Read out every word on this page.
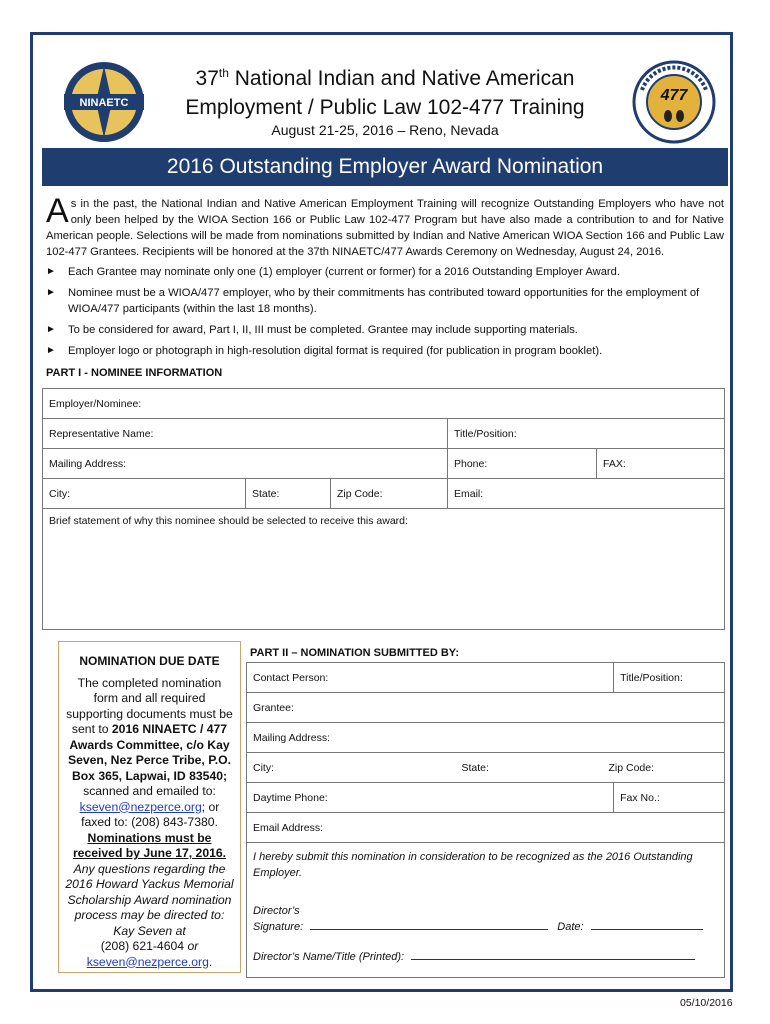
NINAETC	477
37th National Indian and Native American
Employment / Public Law 102-477 Training
August 21-25, 2016 – Reno, Nevada
2016 Outstanding Employer Award Nomination
As in the past, the National Indian and Native American Employment Training will recognize Outstanding Employers who have not only been helped by the WIOA Section 166 or Public Law 102-477 Program but have also made a contribution to and for Native American people. Selections will be made from nominations submitted by Indian and Native American WIOA Section 166 and Public Law 102-477 Grantees. Recipients will be honored at the 37th NINAETC/477 Awards Ceremony on Wednesday, August 24, 2016.
► Each Grantee may nominate only one (1) employer (current or former) for a 2016 Outstanding Employer Award.
► Nominee must be a WIOA/477 employer, who by their commitments has contributed toward opportunities for the employment of WIOA/477 participants (within the last 18 months).
► To be considered for award, Part I, II, III must be completed. Grantee may include supporting materials.
► Employer logo or photograph in high-resolution digital format is required (for publication in program booklet).
PART I - NOMINEE INFORMATION
Employer/Nominee:				
Representative Name:			Title/Position:	
Mailing Address:			Phone:	FAX:
City:	State:	Zip Code:	Email:	
Brief statement of why this nominee should be selected to receive this award:				
NOMINATION DUE DATE
The completed nomination form and all required supporting documents must be sent to 2016 NINAETC / 477 Awards Committee, c/o Kay Seven, Nez Perce Tribe, P.O. Box 365, Lapwai, ID 83540; scanned and emailed to: kseven@nezperce.org; or faxed to: (208) 843-7380.
Nominations must be received by June 17, 2016.
Any questions regarding the 2016 Howard Yackus Memorial Scholarship Award nomination process may be directed to: Kay Seven at
(208) 621-4604 or
kseven@nezperce.org.
PART II – NOMINATION SUBMITTED BY:
Contact Person:	Title/Position:
Grantee:	
Mailing Address:	
City: State: Zip Code:	

Daytime Phone:	Fax No.:
Email Address:	

I hereby submit this nomination in consideration to be recognized as the 2016 Outstanding Employer.
Director’s
Signature: Date:
Director’s Name/Title (Printed):	
05/10/2016
